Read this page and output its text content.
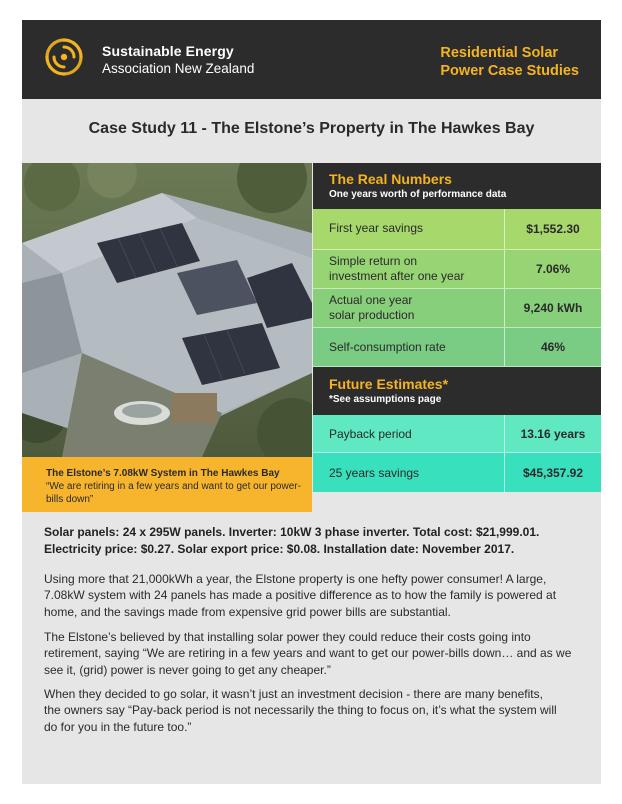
Sustainable Energy
Association New Zealand
Residential Solar
Power Case Studies
Case Study 11 - The Elstone’s Property in The Hawkes Bay
The Elstone’s 7.08kW System in The Hawkes Bay
“We are retiring in a few years and want to get our power-bills down”
The Real Numbers
One years worth of performance data
First year savings	$1,552.30
Simple return on
investment after one year	7.06%
Actual one year
solar production	9,240 kWh
Self-consumption rate	46%
Future Estimates*
*See assumptions page
Payback period	13.16 years
25 years savings	$45,357.92
Solar panels: 24 x 295W panels. Inverter: 10kW 3 phase inverter. Total cost: $21,999.01.
Electricity price: $0.27. Solar export price: $0.08. Installation date: November 2017.
Using more that 21,000kWh a year, the Elstone property is one hefty power consumer! A large,
7.08kW system with 24 panels has made a positive difference as to how the family is powered at
home, and the savings made from expensive grid power bills are substantial.
The Elstone’s believed by that installing solar power they could reduce their costs going into
retirement, saying “We are retiring in a few years and want to get our power-bills down… and as we
see it, (grid) power is never going to get any cheaper.”
When they decided to go solar, it wasn’t just an investment decision - there are many benefits,
the owners say “Pay-back period is not necessarily the thing to focus on, it’s what the system will
do for you in the future too.”
